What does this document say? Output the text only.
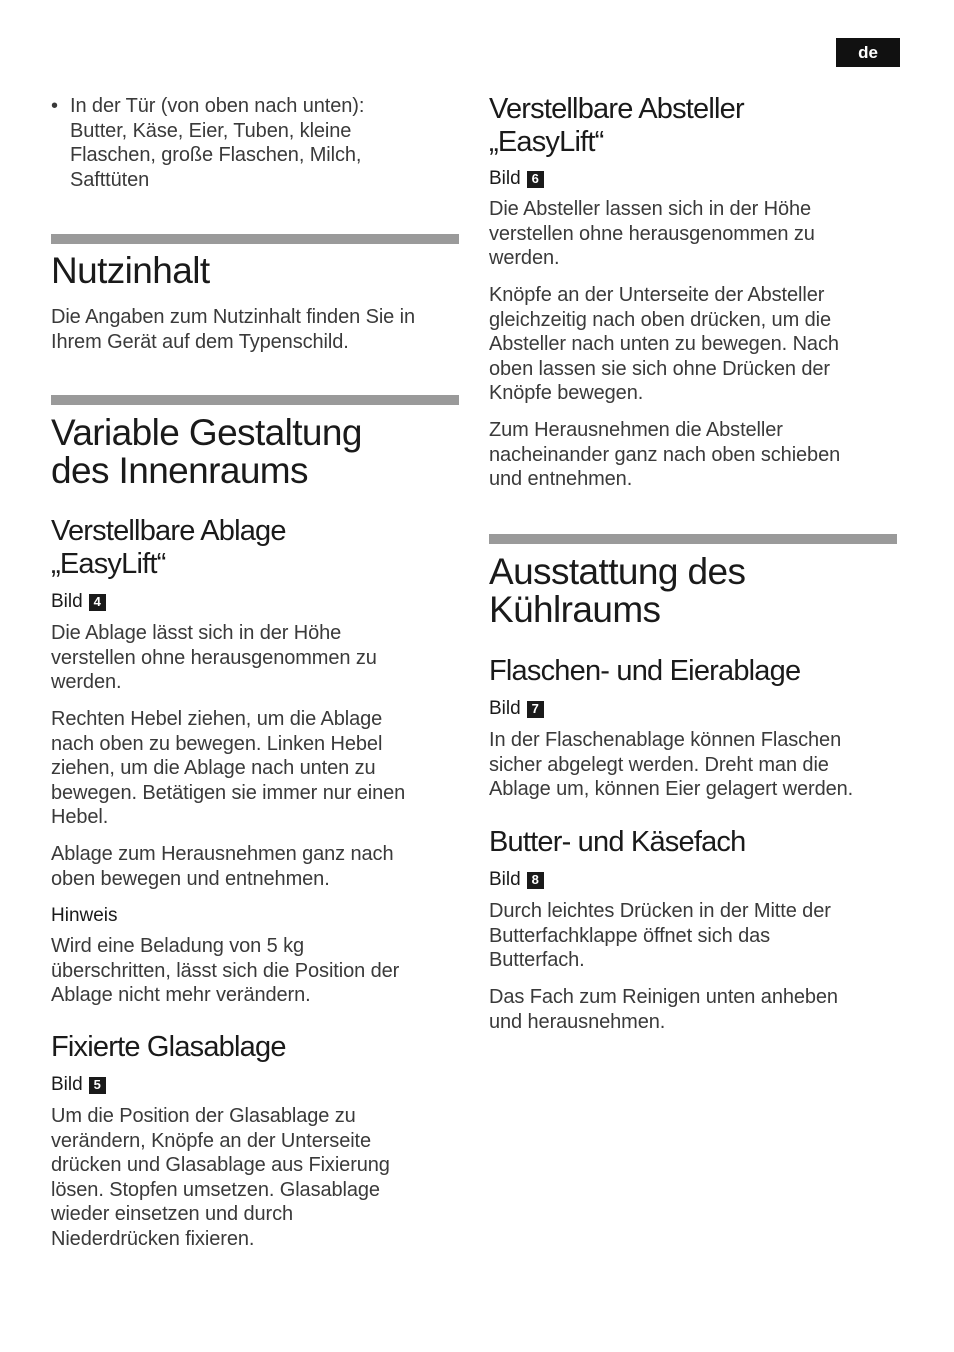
de
• In der Tür (von oben nach unten):
Butter, Käse, Eier, Tuben, kleine
Flaschen, große Flaschen, Milch,
Safttüten
Nutzinhalt
Die Angaben zum Nutzinhalt finden Sie in
Ihrem Gerät auf dem Typenschild.
Variable Gestaltung
des Innenraums
Verstellbare Ablage
„EasyLift“
Bild 4
Die Ablage lässt sich in der Höhe
verstellen ohne herausgenommen zu
werden.
Rechten Hebel ziehen, um die Ablage
nach oben zu bewegen. Linken Hebel
ziehen, um die Ablage nach unten zu
bewegen. Betätigen sie immer nur einen
Hebel.
Ablage zum Herausnehmen ganz nach
oben bewegen und entnehmen.
Hinweis
Wird eine Beladung von 5 kg
überschritten, lässt sich die Position der
Ablage nicht mehr verändern.
Fixierte Glasablage
Bild 5
Um die Position der Glasablage zu
verändern, Knöpfe an der Unterseite
drücken und Glasablage aus Fixierung
lösen. Stopfen umsetzen. Glasablage
wieder einsetzen und durch
Niederdrücken fixieren.
Verstellbare Absteller
„EasyLift“
Bild 6
Die Absteller lassen sich in der Höhe
verstellen ohne herausgenommen zu
werden.
Knöpfe an der Unterseite der Absteller
gleichzeitig nach oben drücken, um die
Absteller nach unten zu bewegen. Nach
oben lassen sie sich ohne Drücken der
Knöpfe bewegen.
Zum Herausnehmen die Absteller
nacheinander ganz nach oben schieben
und entnehmen.
Ausstattung des
Kühlraums
Flaschen- und Eierablage
Bild 7
In der Flaschenablage können Flaschen
sicher abgelegt werden. Dreht man die
Ablage um, können Eier gelagert werden.
Butter- und Käsefach
Bild 8
Durch leichtes Drücken in der Mitte der
Butterfachklappe öffnet sich das
Butterfach.
Das Fach zum Reinigen unten anheben
und herausnehmen.
